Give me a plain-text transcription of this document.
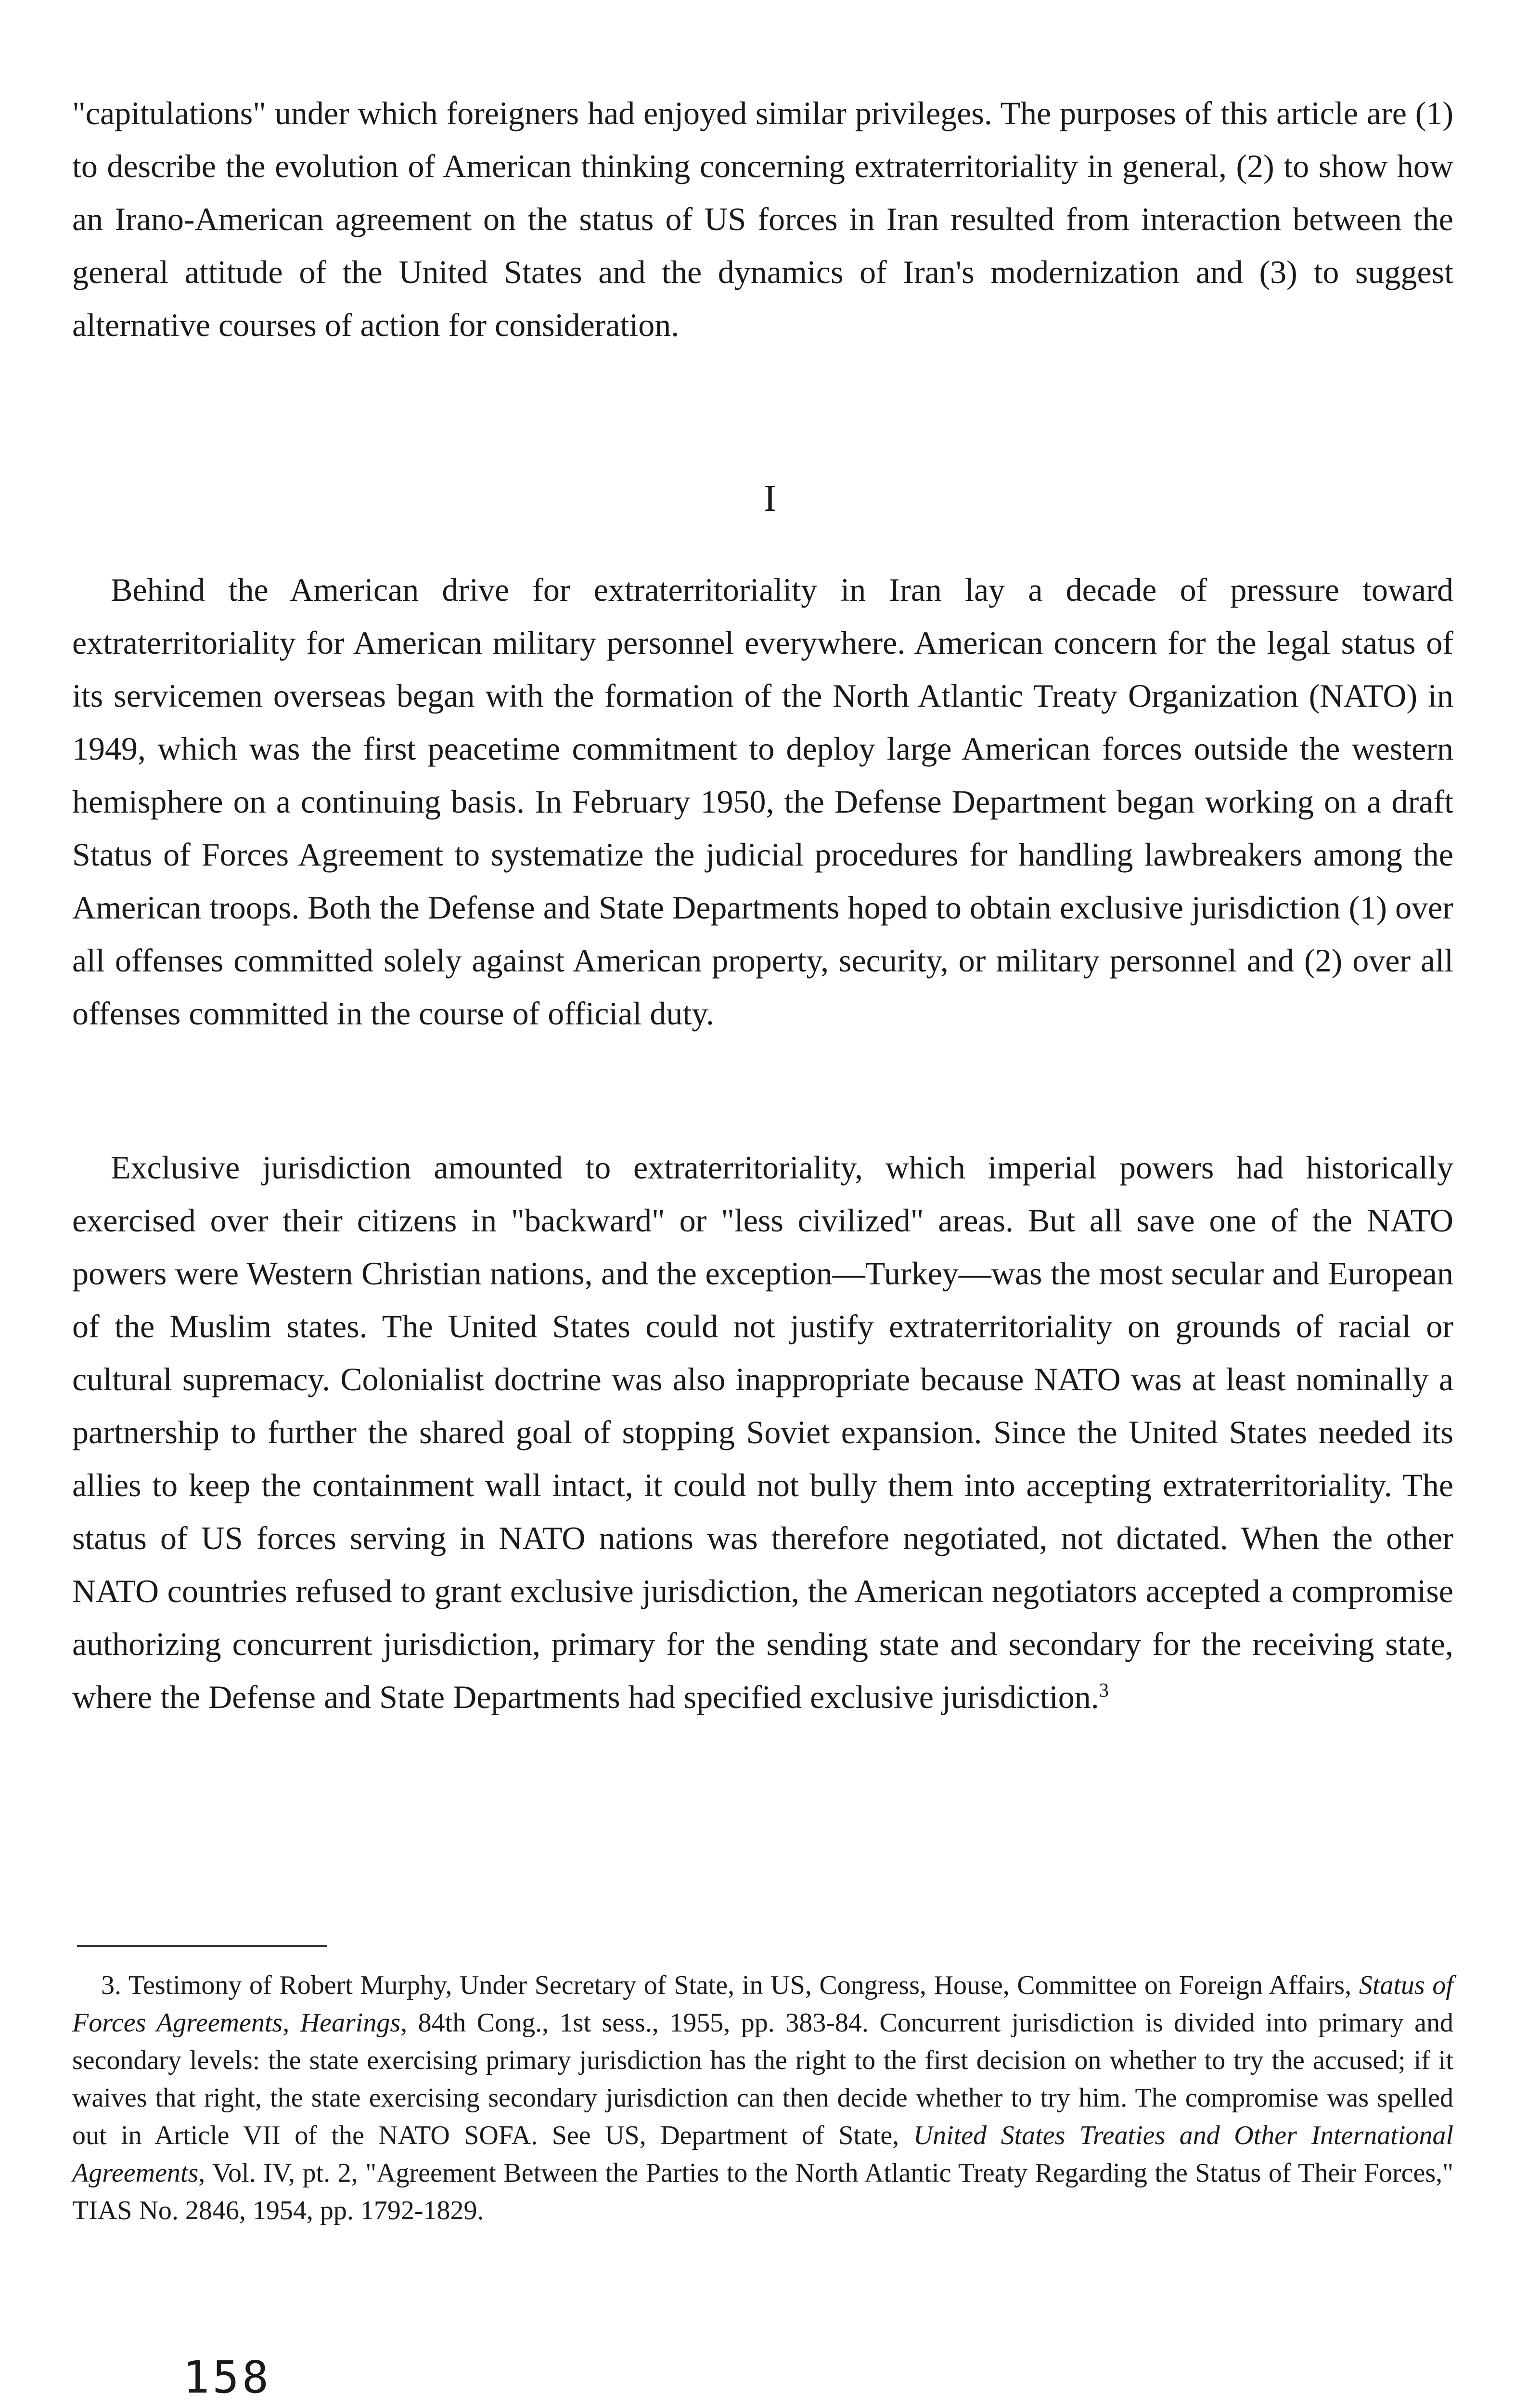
"capitulations" under which foreigners had enjoyed similar privileges. The purposes of this article are (1) to describe the evolution of American thinking concerning extraterritoriality in general, (2) to show how an Irano-American agreement on the status of US forces in Iran resulted from interaction between the general attitude of the United States and the dynamics of Iran's modernization and (3) to suggest alternative courses of action for consideration.

I

Behind the American drive for extraterritoriality in Iran lay a decade of pressure toward extraterritoriality for American military personnel everywhere. American concern for the legal status of its servicemen overseas began with the formation of the North Atlantic Treaty Organization (NATO) in 1949, which was the first peacetime commitment to deploy large American forces outside the western hemisphere on a continuing basis. In February 1950, the Defense Department began working on a draft Status of Forces Agreement to systematize the judicial procedures for handling lawbreakers among the American troops. Both the Defense and State Departments hoped to obtain exclusive jurisdiction (1) over all offenses committed solely against American property, security, or military personnel and (2) over all offenses committed in the course of official duty.

Exclusive jurisdiction amounted to extraterritoriality, which imperial powers had historically exercised over their citizens in "backward" or "less civilized" areas. But all save one of the NATO powers were Western Christian nations, and the exception—Turkey—was the most secular and European of the Muslim states. The United States could not justify extraterritoriality on grounds of racial or cultural supremacy. Colonialist doctrine was also inappropriate because NATO was at least nominally a partnership to further the shared goal of stopping Soviet expansion. Since the United States needed its allies to keep the containment wall intact, it could not bully them into accepting extraterritoriality. The status of US forces serving in NATO nations was therefore negotiated, not dictated. When the other NATO countries refused to grant exclusive jurisdiction, the American negotiators accepted a compromise authorizing concurrent jurisdiction, primary for the sending state and secondary for the receiving state, where the Defense and State Departments had specified exclusive jurisdiction.$^3$

3. Testimony of Robert Murphy, Under Secretary of State, in US, Congress, House, Committee on Foreign Affairs, Status of Forces Agreements, Hearings, 84th Cong., 1st sess., 1955, pp. 383-84. Concurrent jurisdiction is divided into primary and secondary levels: the state exercising primary jurisdiction has the right to the first decision on whether to try the accused; if it waives that right, the state exercising secondary jurisdiction can then decide whether to try him. The compromise was spelled out in Article VII of the NATO SOFA. See US, Department of State, United States Treaties and Other International Agreements, Vol. IV, pt. 2, "Agreement Between the Parties to the North Atlantic Treaty Regarding the Status of Their Forces," TIAS No. 2846, 1954, pp. 1792-1829.

158
